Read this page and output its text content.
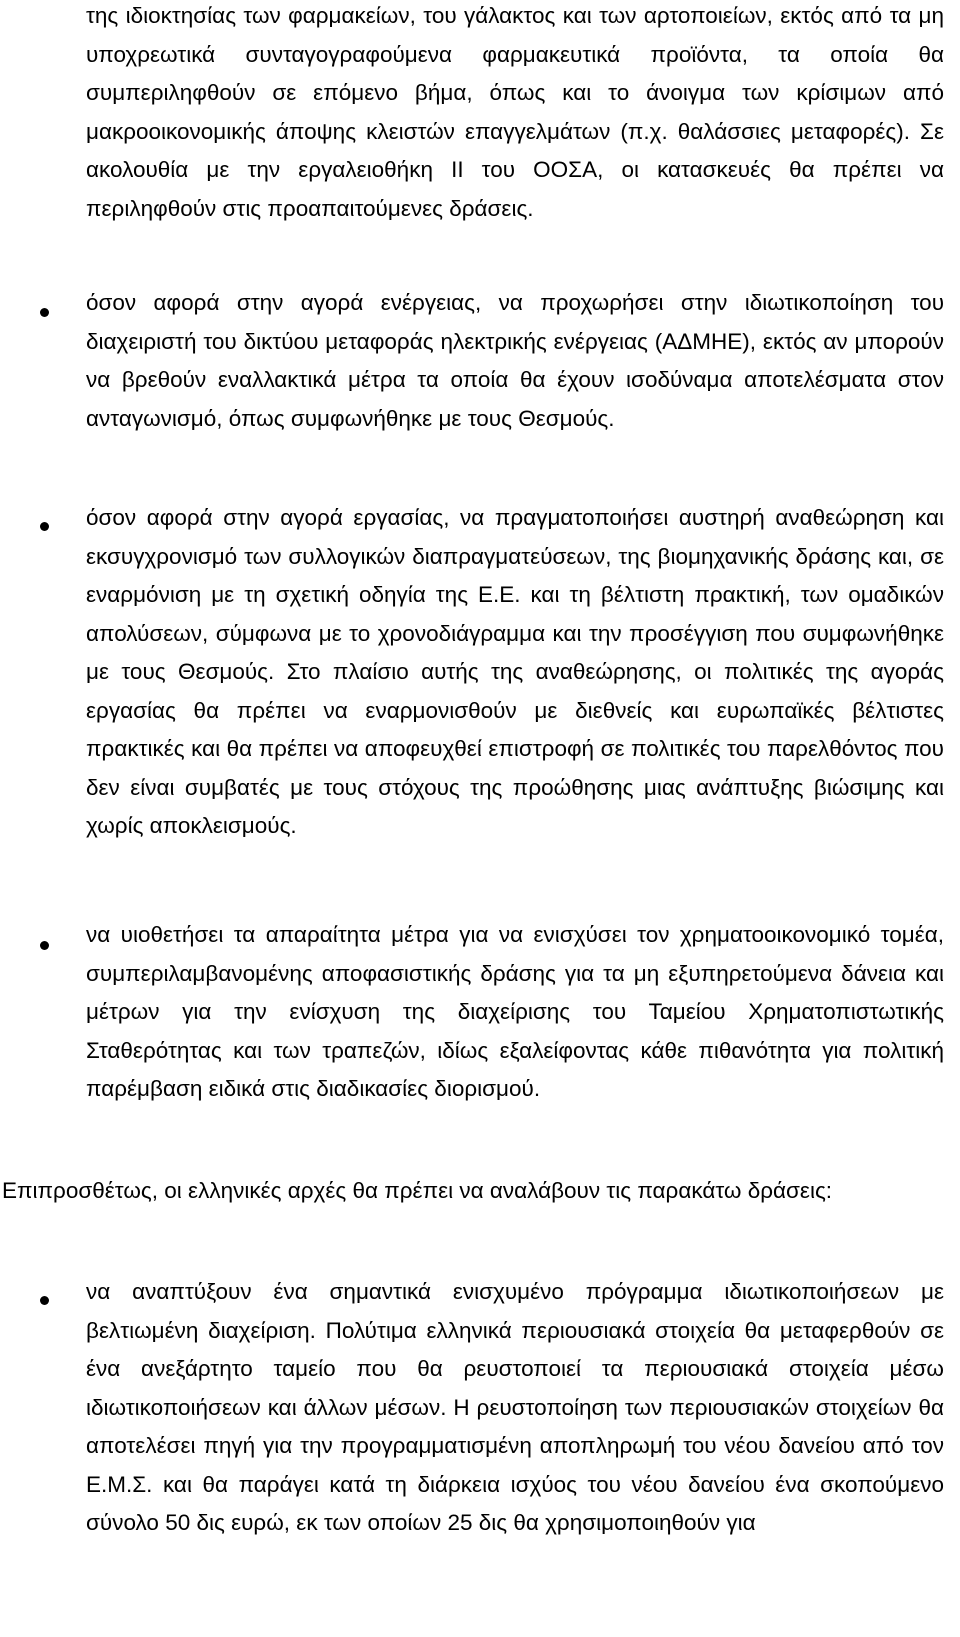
της ιδιοκτησίας των φαρμακείων, του γάλακτος και των αρτοποιείων, εκτός από τα μη υποχρεωτικά συνταγογραφούμενα φαρμακευτικά προϊόντα, τα οποία θα συμπεριληφθούν σε επόμενο βήμα, όπως και το άνοιγμα των κρίσιμων από μακροοικονομικής άποψης κλειστών επαγγελμάτων (π.χ. θαλάσσιες μεταφορές). Σε ακολουθία με την εργαλειοθήκη ΙΙ του ΟΟΣΑ, οι κατασκευές θα πρέπει να περιληφθούν στις προαπαιτούμενες δράσεις.

όσον αφορά στην αγορά ενέργειας, να προχωρήσει στην ιδιωτικοποίηση του διαχειριστή του δικτύου μεταφοράς ηλεκτρικής ενέργειας (ΑΔΜΗΕ), εκτός αν μπορούν να βρεθούν εναλλακτικά μέτρα τα οποία θα έχουν ισοδύναμα αποτελέσματα στον ανταγωνισμό, όπως συμφωνήθηκε με τους Θεσμούς.

όσον αφορά στην αγορά εργασίας, να πραγματοποιήσει αυστηρή αναθεώρηση και εκσυγχρονισμό των συλλογικών διαπραγματεύσεων, της βιομηχανικής δράσης και, σε εναρμόνιση με τη σχετική οδηγία της Ε.Ε. και τη βέλτιστη πρακτική, των ομαδικών απολύσεων, σύμφωνα με το χρονοδιάγραμμα και την προσέγγιση που συμφωνήθηκε με τους Θεσμούς. Στο πλαίσιο αυτής της αναθεώρησης, οι πολιτικές της αγοράς εργασίας θα πρέπει να εναρμονισθούν με διεθνείς και ευρωπαϊκές βέλτιστες πρακτικές και θα πρέπει να αποφευχθεί επιστροφή σε πολιτικές του παρελθόντος που δεν είναι συμβατές με τους στόχους της προώθησης μιας ανάπτυξης βιώσιμης και χωρίς αποκλεισμούς.

να υιοθετήσει τα απαραίτητα μέτρα για να ενισχύσει τον χρηματοοικονομικό τομέα, συμπεριλαμβανομένης αποφασιστικής δράσης για τα μη εξυπηρετούμενα δάνεια και μέτρων για την ενίσχυση της διαχείρισης του Ταμείου Χρηματοπιστωτικής Σταθερότητας και των τραπεζών, ιδίως εξαλείφοντας κάθε πιθανότητα για πολιτική παρέμβαση ειδικά στις διαδικασίες διορισμού.

Επιπροσθέτως, οι ελληνικές αρχές θα πρέπει να αναλάβουν τις παρακάτω δράσεις:

να αναπτύξουν ένα σημαντικά ενισχυμένο πρόγραμμα ιδιωτικοποιήσεων με βελτιωμένη διαχείριση. Πολύτιμα ελληνικά περιουσιακά στοιχεία θα μεταφερθούν σε ένα ανεξάρτητο ταμείο που θα ρευστοποιεί τα περιουσιακά στοιχεία μέσω ιδιωτικοποιήσεων και άλλων μέσων. Η ρευστοποίηση των περιουσιακών στοιχείων θα αποτελέσει πηγή για την προγραμματισμένη αποπληρωμή του νέου δανείου από τον Ε.Μ.Σ. και θα παράγει κατά τη διάρκεια ισχύος του νέου δανείου ένα σκοπούμενο σύνολο 50 δις ευρώ, εκ των οποίων 25 δις θα χρησιμοποιηθούν για
